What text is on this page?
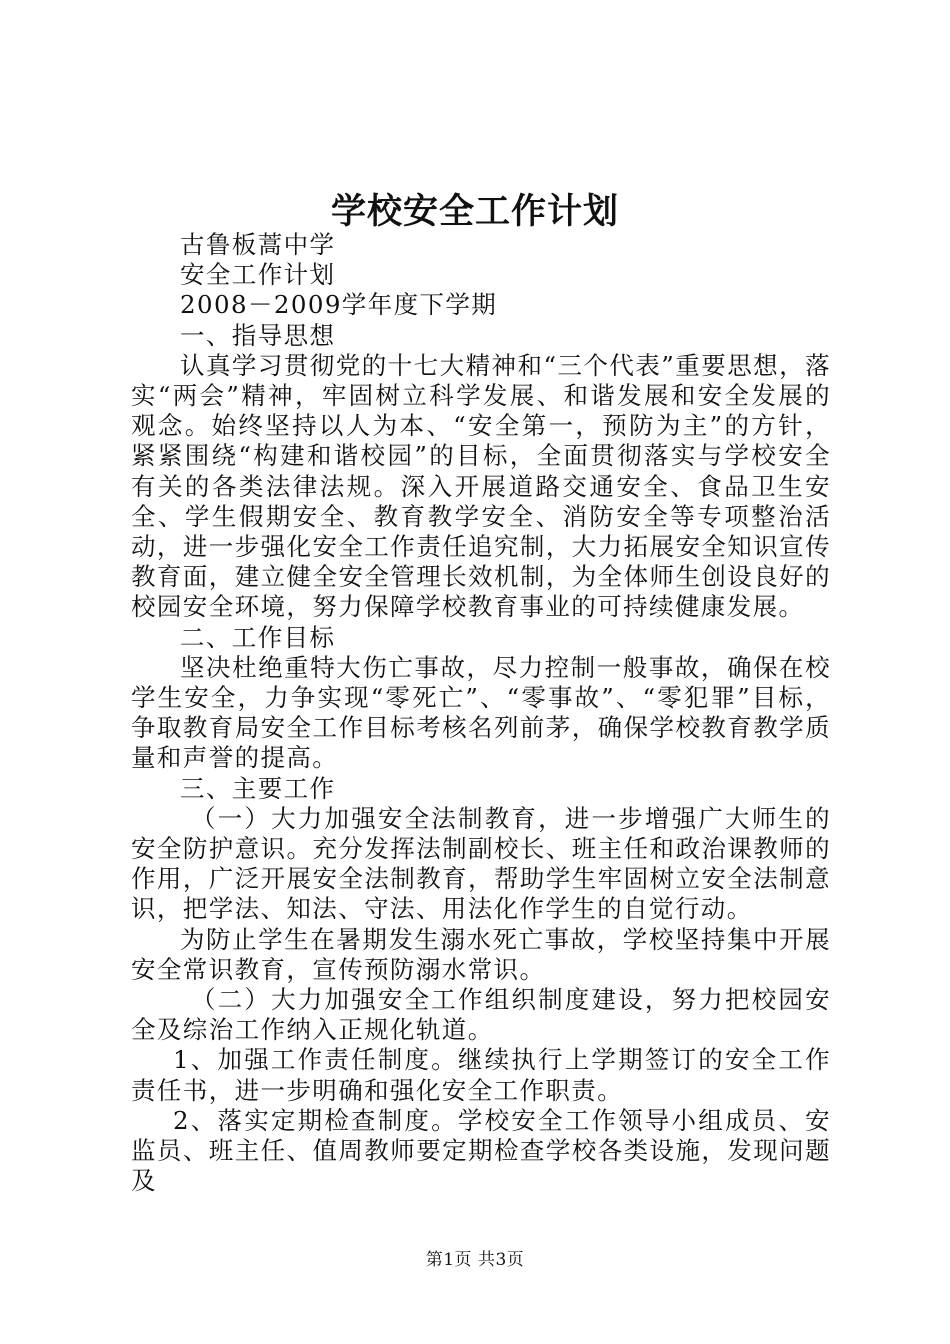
学校安全工作计划

古鲁板蒿中学

安全工作计划

2008－2009学年度下学期

一、指导思想

认真学习贯彻党的十七大精神和“三个代表”重要思想，落实“两会”精神，牢固树立科学发展、和谐发展和安全发展的观念。始终坚持以人为本、“安全第一，预防为主”的方针，紧紧围绕“构建和谐校园”的目标，全面贯彻落实与学校安全有关的各类法律法规。深入开展道路交通安全、食品卫生安全、学生假期安全、教育教学安全、消防安全等专项整治活动，进一步强化安全工作责任追究制，大力拓展安全知识宣传教育面，建立健全安全管理长效机制，为全体师生创设良好的校园安全环境，努力保障学校教育事业的可持续健康发展。

二、工作目标

坚决杜绝重特大伤亡事故，尽力控制一般事故，确保在校学生安全，力争实现“零死亡”、“零事故”、“零犯罪”目标，争取教育局安全工作目标考核名列前茅，确保学校教育教学质量和声誉的提高。

三、主要工作

（一）大力加强安全法制教育，进一步增强广大师生的安全防护意识。充分发挥法制副校长、班主任和政治课教师的作用，广泛开展安全法制教育，帮助学生牢固树立安全法制意识，把学法、知法、守法、用法化作学生的自觉行动。

为防止学生在暑期发生溺水死亡事故，学校坚持集中开展安全常识教育，宣传预防溺水常识。

（二）大力加强安全工作组织制度建设，努力把校园安全及综治工作纳入正规化轨道。

1、加强工作责任制度。继续执行上学期签订的安全工作责任书，进一步明确和强化安全工作职责。

2、落实定期检查制度。学校安全工作领导小组成员、安监员、班主任、值周教师要定期检查学校各类设施，发现问题及

第1页 共3页
